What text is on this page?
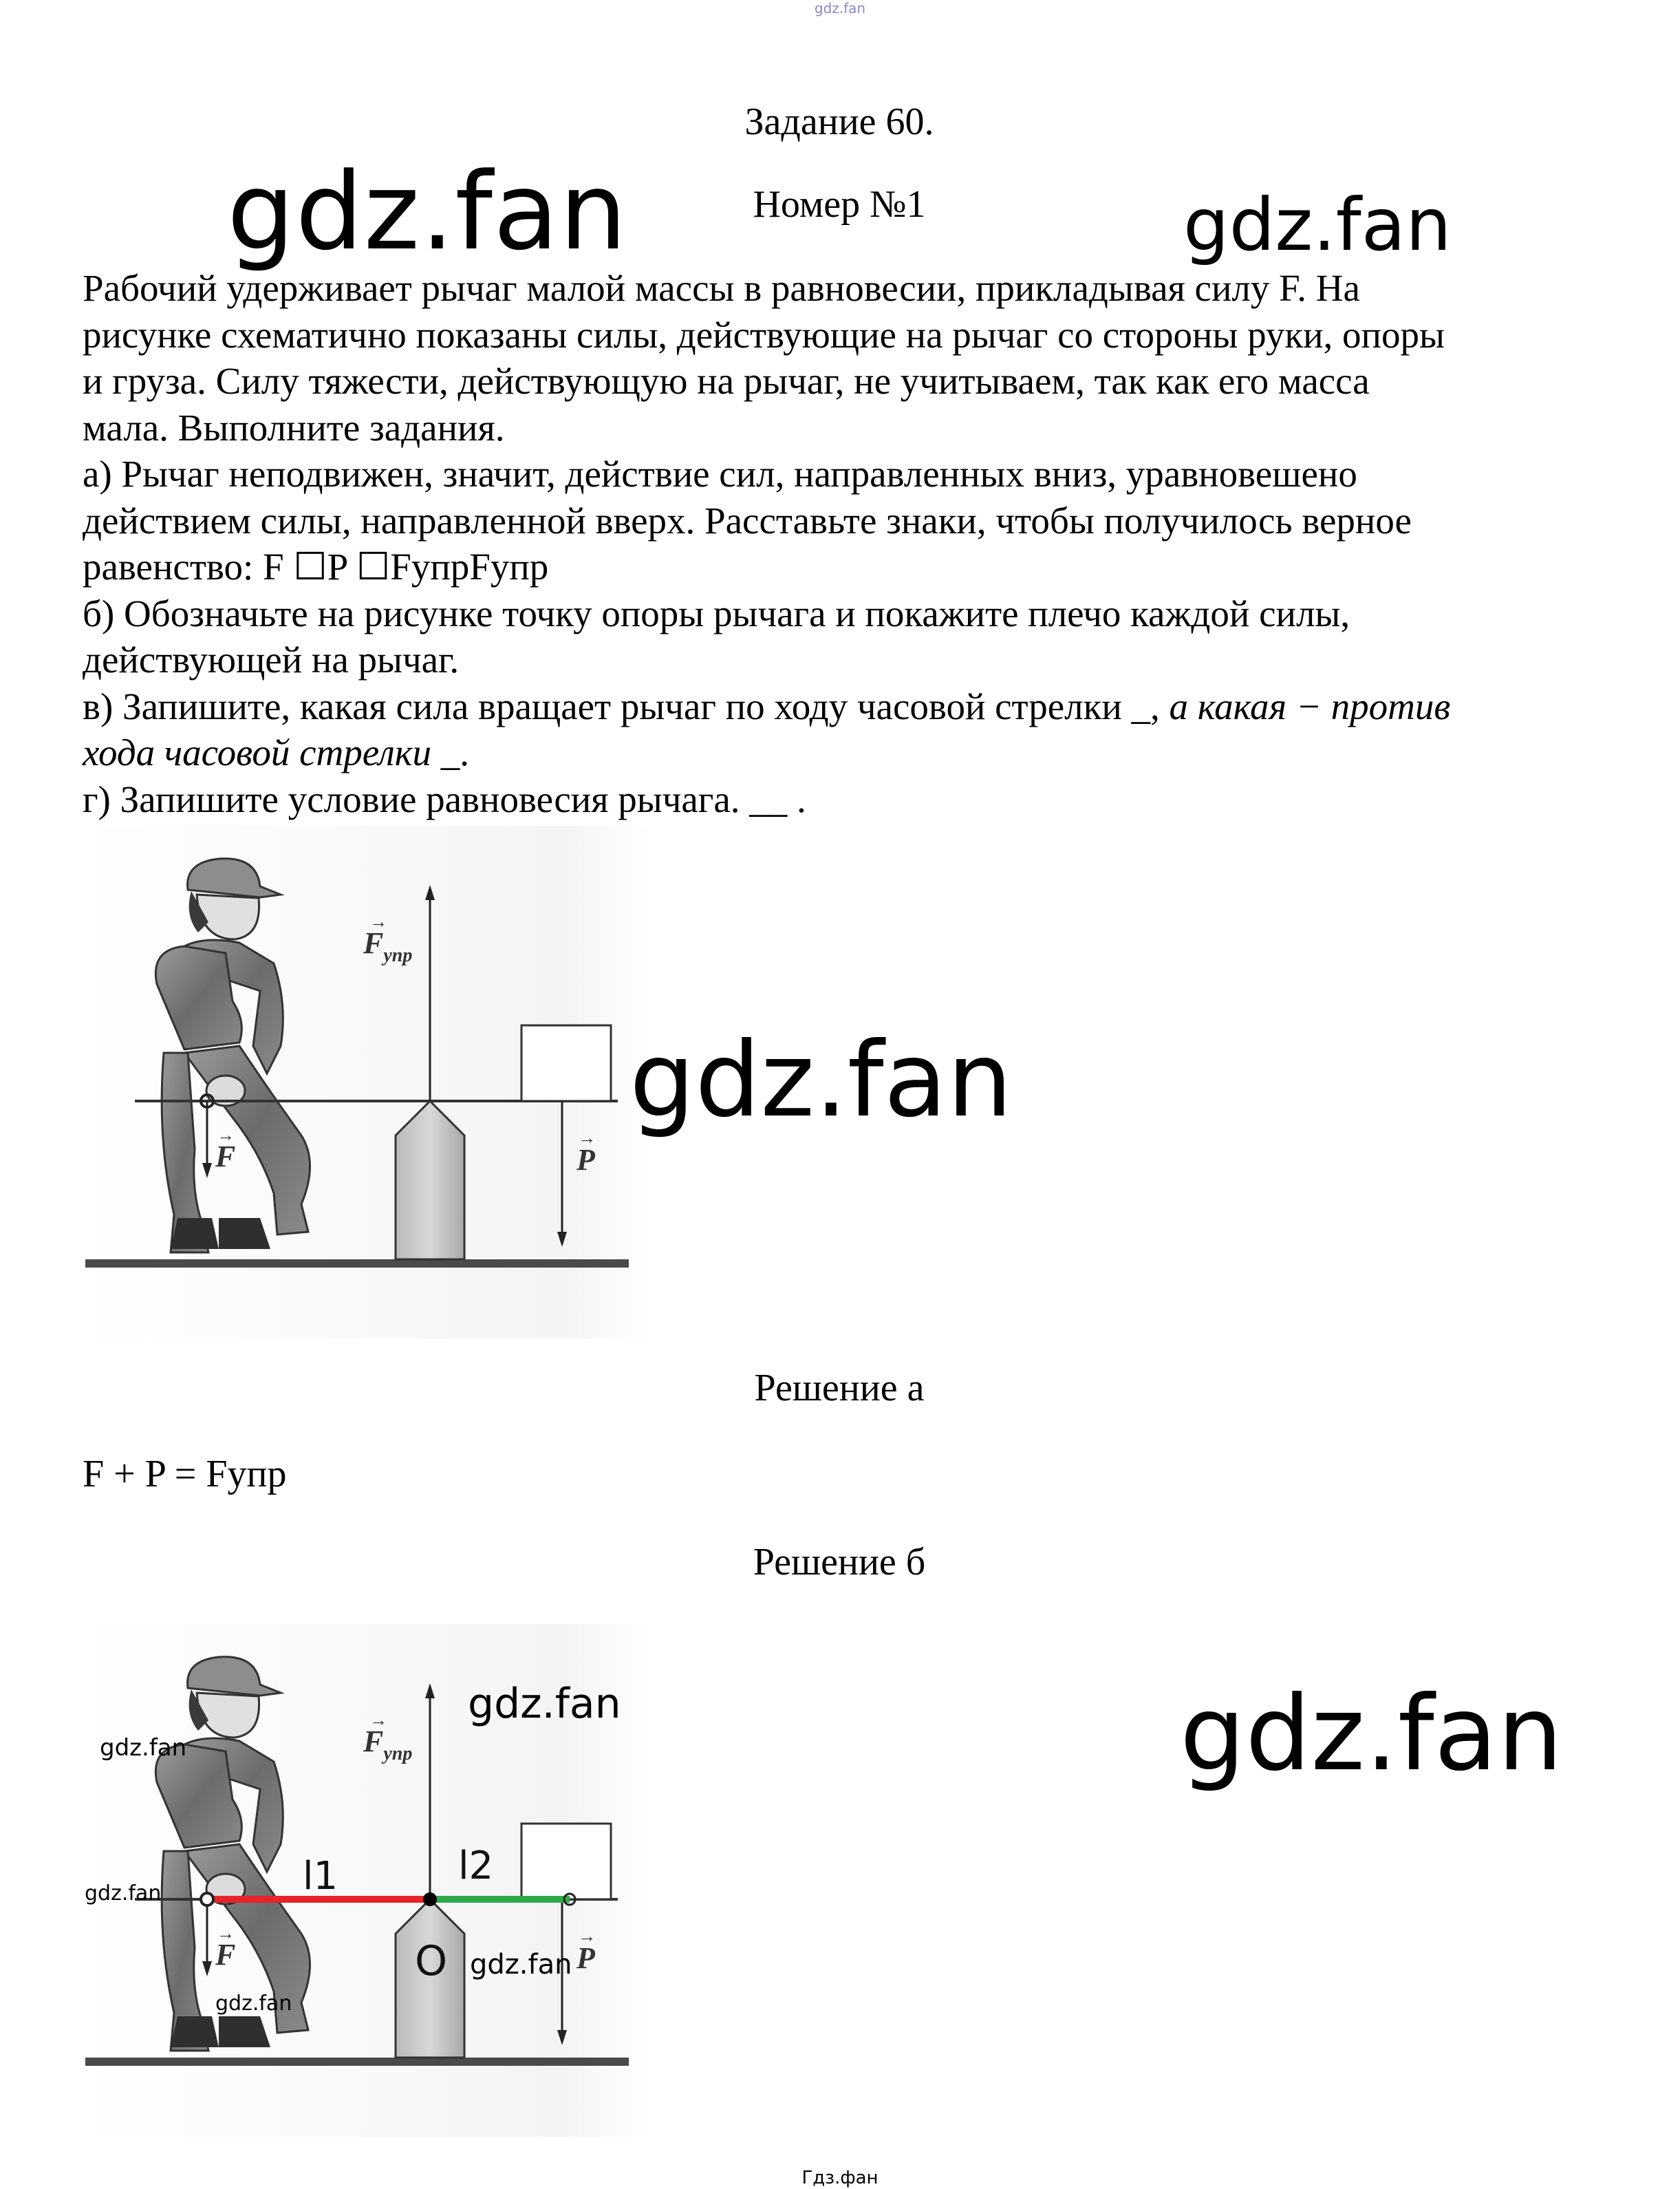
gdz.fan
Задание 60.
Номер №1
gdz.fan	gdz.fan
Рабочий удерживает рычаг малой массы в равновесии, прикладывая силу F. На
рисунке схематично показаны силы, действующие на рычаг со стороны руки, опоры
и груза. Силу тяжести, действующую на рычаг, не учитываем, так как его масса
мала. Выполните задания.
а) Рычаг неподвижен, значит, действие сил, направленных вниз, уравновешено
действием силы, направленной вверх. Расставьте знаки, чтобы получилось верное
равенство: F ☐P ☐FупрFупр
б) Обозначьте на рисунке точку опоры рычага и покажите плечо каждой силы,
действующей на рычаг.
в) Запишите, какая сила вращает рычаг по ходу часовой стрелки _, а какая − против
хода часовой стрелки _.
г) Запишите условие равновесия рычага. __ .
$F_{упр}$
→
P
→
F
→	gdz.fan
Решение а
F + P = Fупр
Решение б
$F_{упр}$
→
P
→
F
→
l1	l2
O
gdz.fan
gdz.fan
gdz.fan
gdz.fan
gdz.fan
gdz.fan
Гдз.фан
